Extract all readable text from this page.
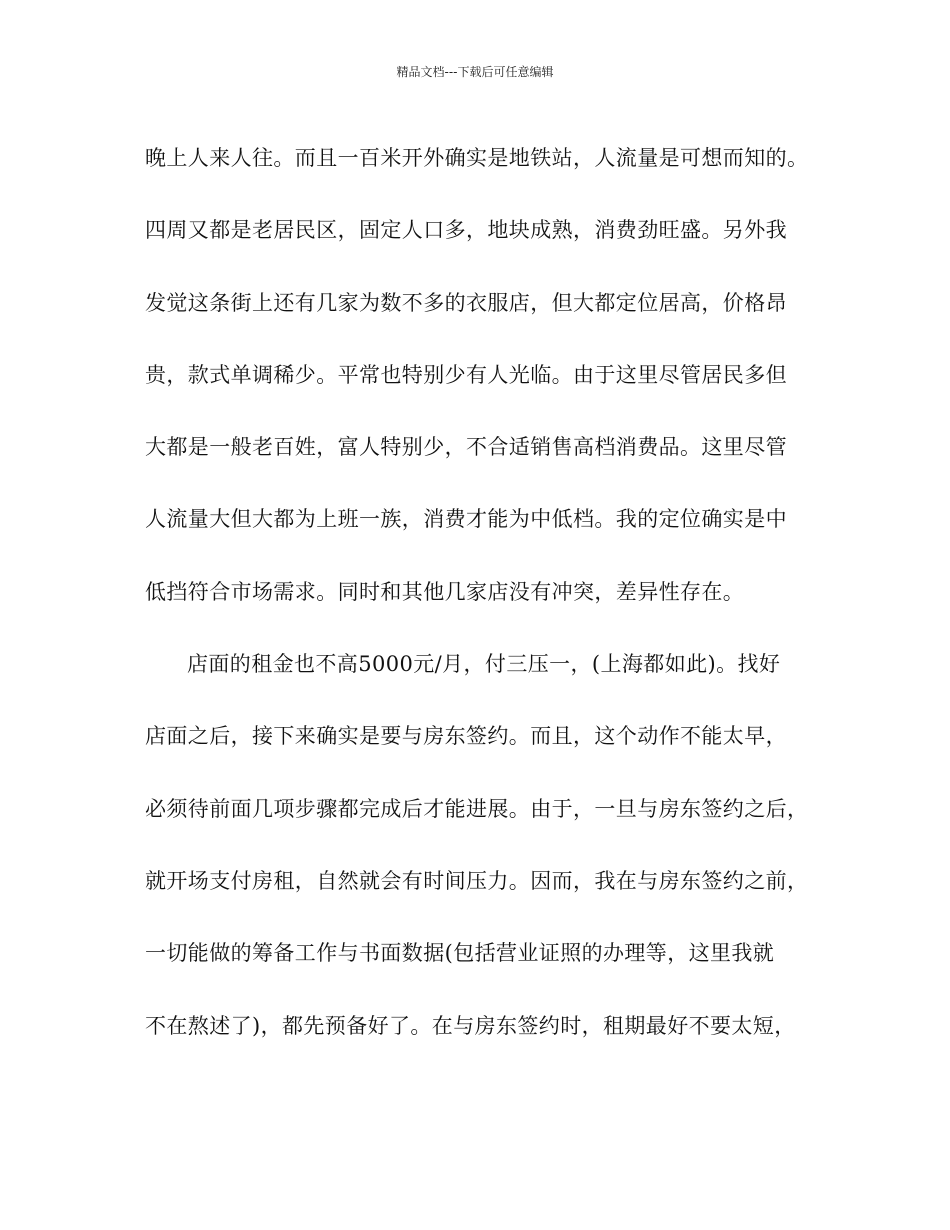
精品文档---下载后可任意编辑
晚上人来人往。而且一百米开外确实是地铁站，人流量是可想而知的。
四周又都是老居民区，固定人口多，地块成熟，消费劲旺盛。另外我
发觉这条街上还有几家为数不多的衣服店，但大都定位居高，价格昂
贵，款式单调稀少。平常也特别少有人光临。由于这里尽管居民多但
大都是一般老百姓，富人特别少，不合适销售高档消费品。这里尽管
人流量大但大都为上班一族，消费才能为中低档。我的定位确实是中
低挡符合市场需求。同时和其他几家店没有冲突，差异性存在。
店面的租金也不高5000元/月，付三压一，(上海都如此)。找好
店面之后，接下来确实是要与房东签约。而且，这个动作不能太早，
必须待前面几项步骤都完成后才能进展。由于，一旦与房东签约之后，
就开场支付房租，自然就会有时间压力。因而，我在与房东签约之前，
一切能做的筹备工作与书面数据(包括营业证照的办理等，这里我就
不在熬述了)，都先预备好了。在与房东签约时，租期最好不要太短，
